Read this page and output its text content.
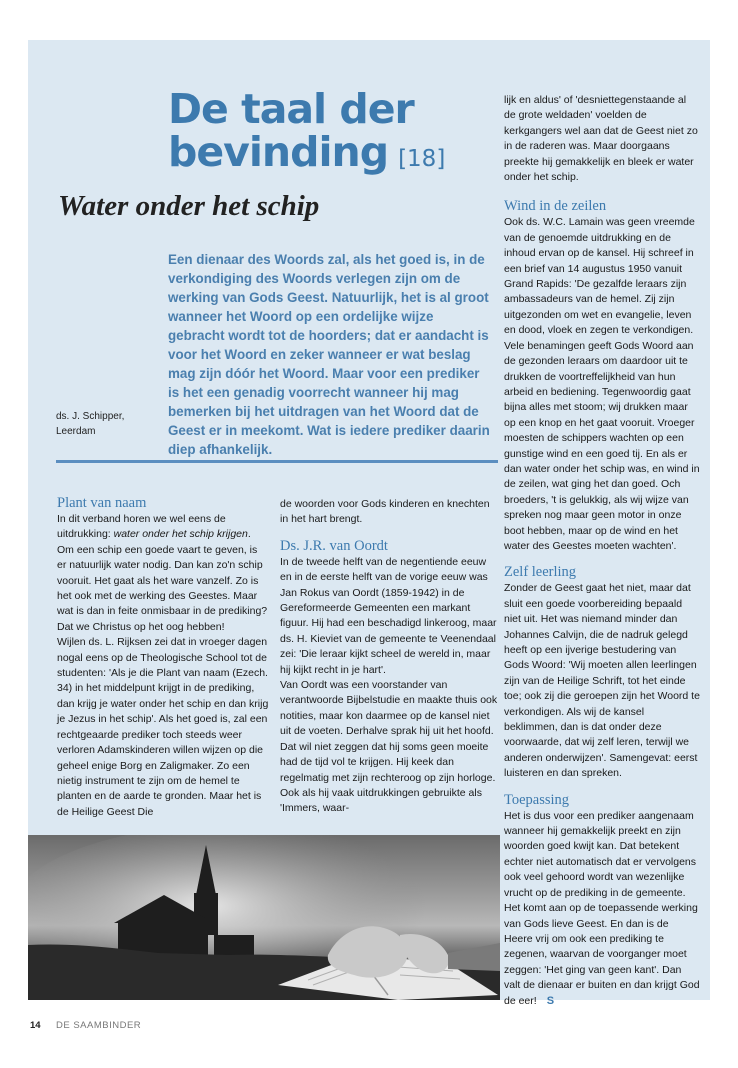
De taal der
bevinding [18]
Water onder het schip

Een dienaar des Woords zal, als het goed is, in de verkondiging des Woords verlegen zijn om de werking van Gods Geest. Natuurlijk, het is al groot wanneer het Woord op een ordelijke wijze gebracht wordt tot de hoorders; dat er aandacht is voor het Woord en zeker wanneer er wat beslag mag zijn dóór het Woord. Maar voor een prediker is het een genadig voorrecht wanneer hij mag bemerken bij het uitdragen van het Woord dat de Geest er in meekomt. Wat is iedere prediker daarin diep afhankelijk.

ds. J. Schipper,
Leerdam
Plant van naam

In dit verband horen we wel eens de uitdrukking: water onder het schip krijgen. Om een schip een goede vaart te geven, is er natuurlijk water nodig. Dan kan zo'n schip vooruit. Het gaat als het ware vanzelf. Zo is het ook met de werking des Geestes. Maar wat is dan in feite onmisbaar in de prediking? Dat we Christus op het oog hebben!

Wijlen ds. L. Rijksen zei dat in vroeger dagen nogal eens op de Theologische School tot de studenten: 'Als je die Plant van naam (Ezech. 34) in het middelpunt krijgt in de prediking, dan krijg je water onder het schip en dan krijg je Jezus in het schip'. Als het goed is, zal een rechtgeaarde prediker toch steeds weer verloren Adamskinderen willen wijzen op die geheel enige Borg en Zaligmaker. Zo een nietig instrument te zijn om de hemel te planten en de aarde te gronden. Maar het is de Heilige Geest Die

de woorden voor Gods kinderen en knechten in het hart brengt.

Ds. J.R. van Oordt

In de tweede helft van de negentiende eeuw en in de eerste helft van de vorige eeuw was Jan Rokus van Oordt (1859-1942) in de Gereformeerde Gemeenten een markant figuur. Hij had een beschadigd linkeroog, maar ds. H. Kieviet van de gemeente te Veenendaal zei: 'Die leraar kijkt scheel de wereld in, maar hij kijkt recht in je hart'.

Van Oordt was een voorstander van verantwoorde Bijbelstudie en maakte thuis ook notities, maar kon daarmee op de kansel niet uit de voeten. Derhalve sprak hij uit het hoofd. Dat wil niet zeggen dat hij soms geen moeite had de tijd vol te krijgen. Hij keek dan regelmatig met zijn rechteroog op zijn horloge. Ook als hij vaak uitdrukkingen gebruikte als 'Immers, waar-

lijk en aldus' of 'desniettegenstaande al de grote weldaden' voelden de kerkgangers wel aan dat de Geest niet zo in de raderen was. Maar doorgaans preekte hij gemakkelijk en bleek er water onder het schip.

Wind in de zeilen

Ook ds. W.C. Lamain was geen vreemde van de genoemde uitdrukking en de inhoud ervan op de kansel. Hij schreef in een brief van 14 augustus 1950 vanuit Grand Rapids: 'De gezalfde leraars zijn ambassadeurs van de hemel. Zij zijn uitgezonden om wet en evangelie, leven en dood, vloek en zegen te verkondigen. Vele benamingen geeft Gods Woord aan de gezonden leraars om daardoor uit te drukken de voortreffelijkheid van hun arbeid en bediening. Tegenwoordig gaat bijna alles met stoom; wij drukken maar op een knop en het gaat vooruit. Vroeger moesten de schippers wachten op een gunstige wind en een goed tij. En als er dan water onder het schip was, en wind in de zeilen, wat ging het dan goed. Och broeders, 't is gelukkig, als wij wijze van spreken nog maar geen motor in onze boot hebben, maar op de wind en het water des Geestes moeten wachten'.

Zelf leerling

Zonder de Geest gaat het niet, maar dat sluit een goede voorbereiding bepaald niet uit. Het was niemand minder dan Johannes Calvijn, die de nadruk gelegd heeft op een ijverige bestudering van Gods Woord: 'Wij moeten allen leerlingen zijn van de Heilige Schrift, tot het einde toe; ook zij die geroepen zijn het Woord te verkondigen. Als wij de kansel beklimmen, dan is dat onder deze voorwaarde, dat wij zelf leren, terwijl we anderen onderwijzen'. Samengevat: eerst luisteren en dan spreken.

Toepassing

Het is dus voor een prediker aangenaam wanneer hij gemakkelijk preekt en zijn woorden goed kwijt kan. Dat betekent echter niet automatisch dat er vervolgens ook veel gehoord wordt van wezenlijke vrucht op de prediking in de gemeente. Het komt aan op de toepassende werking van Gods lieve Geest. En dan is de Heere vrij om ook een prediking te zegenen, waarvan de voorganger moet zeggen: 'Het ging van geen kant'. Dan valt de dienaar er buiten en dan krijgt God de eer! S

14 DE SAAMBINDER
